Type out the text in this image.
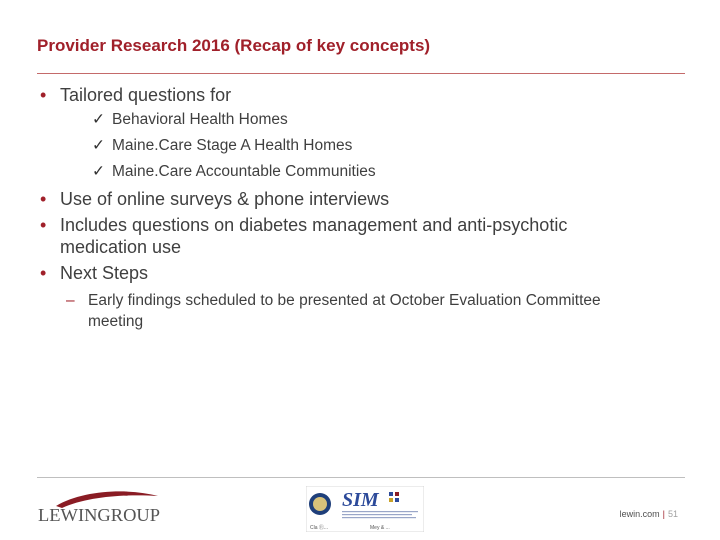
Provider Research 2016 (Recap of key concepts)
• Tailored questions for
✓ Behavioral Health Homes
✓ Maine.Care Stage A Health Homes
✓ Maine.Care Accountable Communities
• Use of online surveys & phone interviews
• Includes questions on diabetes management and anti-psychotic medication use
• Next Steps
– Early findings scheduled to be presented at October Evaluation Committee meeting
LEWINGROUP
SIM
Cla Ⓡ...	Mey & ...
lewin.com | 51
